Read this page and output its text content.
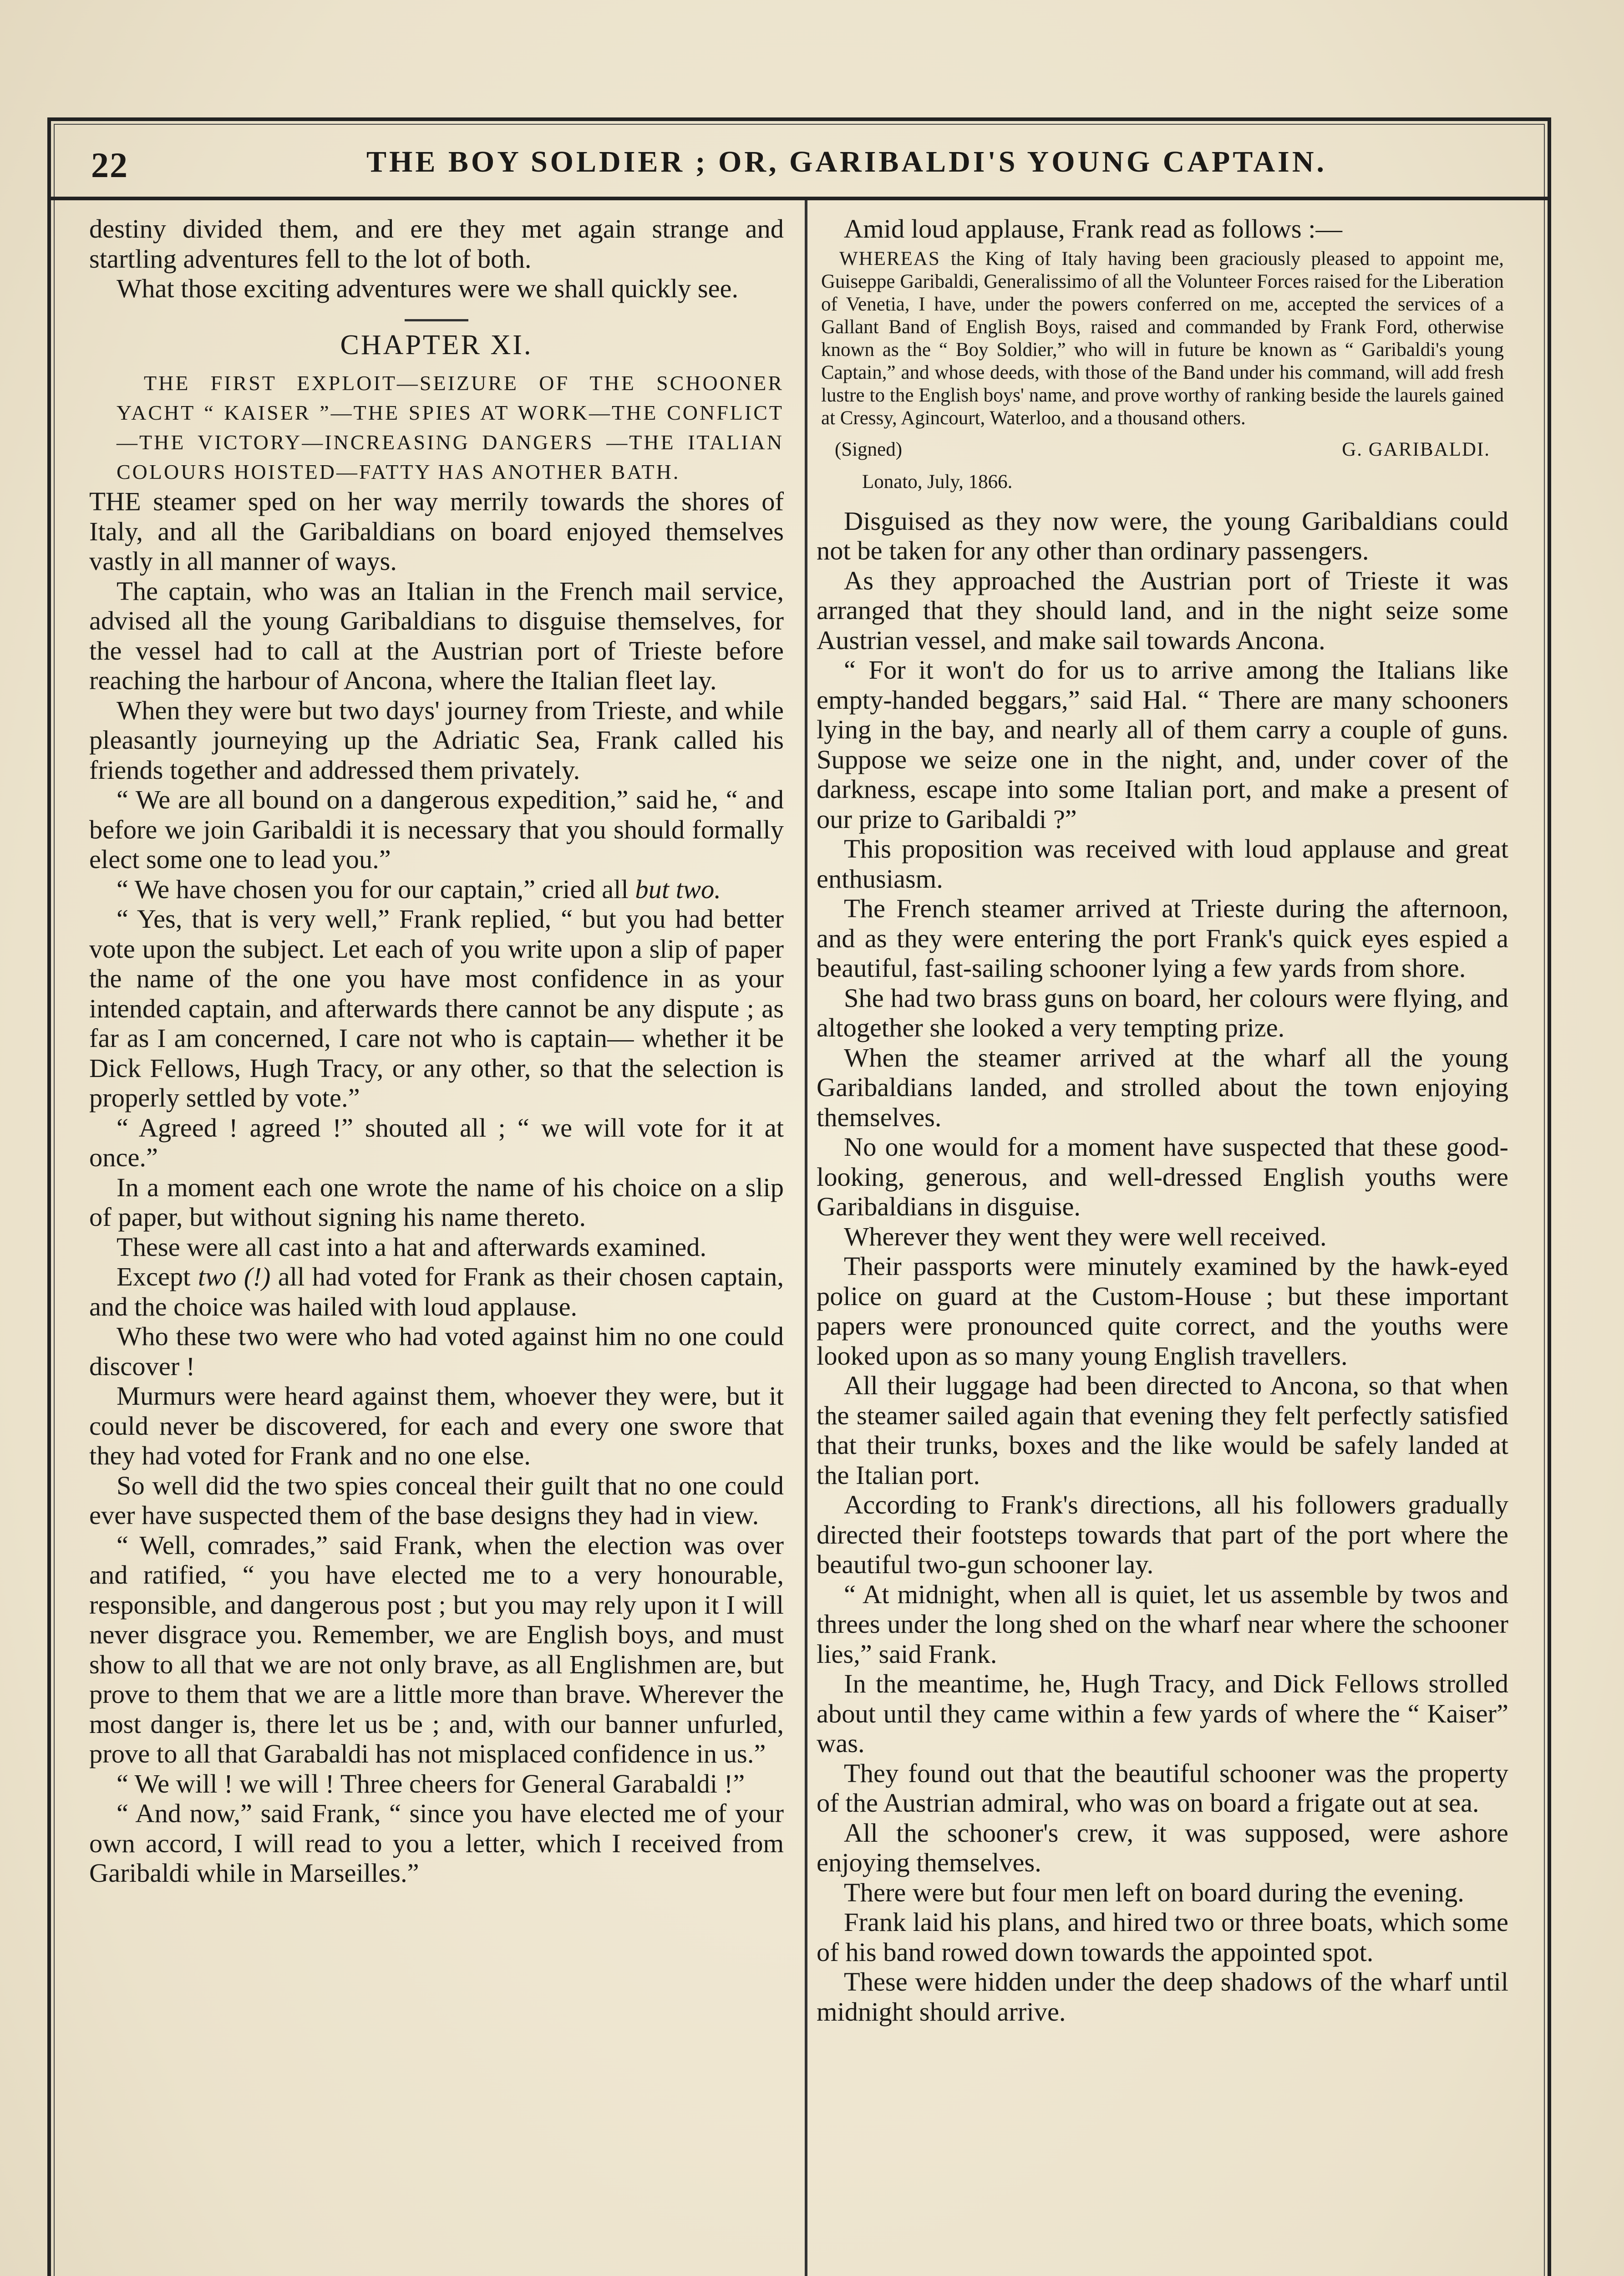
22	THE BOY SOLDIER ; OR, GARIBALDI'S YOUNG CAPTAIN.

destiny divided them, and ere they met again strange and startling adventures fell to the lot of both.

What those exciting adventures were we shall quickly see.

CHAPTER XI.

THE FIRST EXPLOIT—SEIZURE OF THE SCHOONER YACHT “ KAISER ”—THE SPIES AT WORK—THE CONFLICT—THE VICTORY—INCREASING DANGERS —THE ITALIAN COLOURS HOISTED—FATTY HAS ANOTHER BATH.

THE steamer sped on her way merrily towards the shores of Italy, and all the Garibaldians on board enjoyed themselves vastly in all manner of ways.

The captain, who was an Italian in the French mail service, advised all the young Garibaldians to disguise themselves, for the vessel had to call at the Austrian port of Trieste before reaching the harbour of Ancona, where the Italian fleet lay.

When they were but two days' journey from Trieste, and while pleasantly journeying up the Adriatic Sea, Frank called his friends together and addressed them privately.

“ We are all bound on a dangerous expedition,” said he, “ and before we join Garibaldi it is necessary that you should formally elect some one to lead you.”

“ We have chosen you for our captain,” cried all but two.

“ Yes, that is very well,” Frank replied, “ but you had better vote upon the subject. Let each of you write upon a slip of paper the name of the one you have most confidence in as your intended captain, and afterwards there cannot be any dispute ; as far as I am concerned, I care not who is captain— whether it be Dick Fellows, Hugh Tracy, or any other, so that the selection is properly settled by vote.”

“ Agreed ! agreed !” shouted all ; “ we will vote for it at once.”

In a moment each one wrote the name of his choice on a slip of paper, but without signing his name thereto.

These were all cast into a hat and afterwards examined.

Except two (!) all had voted for Frank as their chosen captain, and the choice was hailed with loud applause.

Who these two were who had voted against him no one could discover !

Murmurs were heard against them, whoever they were, but it could never be discovered, for each and every one swore that they had voted for Frank and no one else.

So well did the two spies conceal their guilt that no one could ever have suspected them of the base designs they had in view.

“ Well, comrades,” said Frank, when the election was over and ratified, “ you have elected me to a very honourable, responsible, and dangerous post ; but you may rely upon it I will never disgrace you. Remember, we are English boys, and must show to all that we are not only brave, as all Englishmen are, but prove to them that we are a little more than brave. Wherever the most danger is, there let us be ; and, with our banner unfurled, prove to all that Garabaldi has not misplaced confidence in us.”

“ We will ! we will ! Three cheers for General Garabaldi !”

“ And now,” said Frank, “ since you have elected me of your own accord, I will read to you a letter, which I received from Garibaldi while in Marseilles.”

Amid loud applause, Frank read as follows :—

WHEREAS the King of Italy having been graciously pleased to appoint me, Guiseppe Garibaldi, Generalissimo of all the Volunteer Forces raised for the Liberation of Venetia, I have, under the powers conferred on me, accepted the services of a Gallant Band of English Boys, raised and commanded by Frank Ford, otherwise known as the “ Boy Soldier,” who will in future be known as “ Garibaldi's young Captain,” and whose deeds, with those of the Band under his command, will add fresh lustre to the English boys' name, and prove worthy of ranking beside the laurels gained at Cressy, Agincourt, Waterloo, and a thousand others.

(Signed)	G. GARIBALDI.
Lonato, July, 1866.

Disguised as they now were, the young Garibaldians could not be taken for any other than ordinary passengers.

As they approached the Austrian port of Trieste it was arranged that they should land, and in the night seize some Austrian vessel, and make sail towards Ancona.

“ For it won't do for us to arrive among the Italians like empty-handed beggars,” said Hal. “ There are many schooners lying in the bay, and nearly all of them carry a couple of guns. Suppose we seize one in the night, and, under cover of the darkness, escape into some Italian port, and make a present of our prize to Garibaldi ?”

This proposition was received with loud applause and great enthusiasm.

The French steamer arrived at Trieste during the afternoon, and as they were entering the port Frank's quick eyes espied a beautiful, fast-sailing schooner lying a few yards from shore.

She had two brass guns on board, her colours were flying, and altogether she looked a very tempting prize.

When the steamer arrived at the wharf all the young Garibaldians landed, and strolled about the town enjoying themselves.

No one would for a moment have suspected that these good-looking, generous, and well-dressed English youths were Garibaldians in disguise.

Wherever they went they were well received.

Their passports were minutely examined by the hawk-eyed police on guard at the Custom-House ; but these important papers were pronounced quite correct, and the youths were looked upon as so many young English travellers.

All their luggage had been directed to Ancona, so that when the steamer sailed again that evening they felt perfectly satisfied that their trunks, boxes and the like would be safely landed at the Italian port.

According to Frank's directions, all his followers gradually directed their footsteps towards that part of the port where the beautiful two-gun schooner lay.

“ At midnight, when all is quiet, let us assemble by twos and threes under the long shed on the wharf near where the schooner lies,” said Frank.

In the meantime, he, Hugh Tracy, and Dick Fellows strolled about until they came within a few yards of where the “ Kaiser” was.

They found out that the beautiful schooner was the property of the Austrian admiral, who was on board a frigate out at sea.

All the schooner's crew, it was supposed, were ashore enjoying themselves.

There were but four men left on board during the evening.

Frank laid his plans, and hired two or three boats, which some of his band rowed down towards the appointed spot.

These were hidden under the deep shadows of the wharf until midnight should arrive.
